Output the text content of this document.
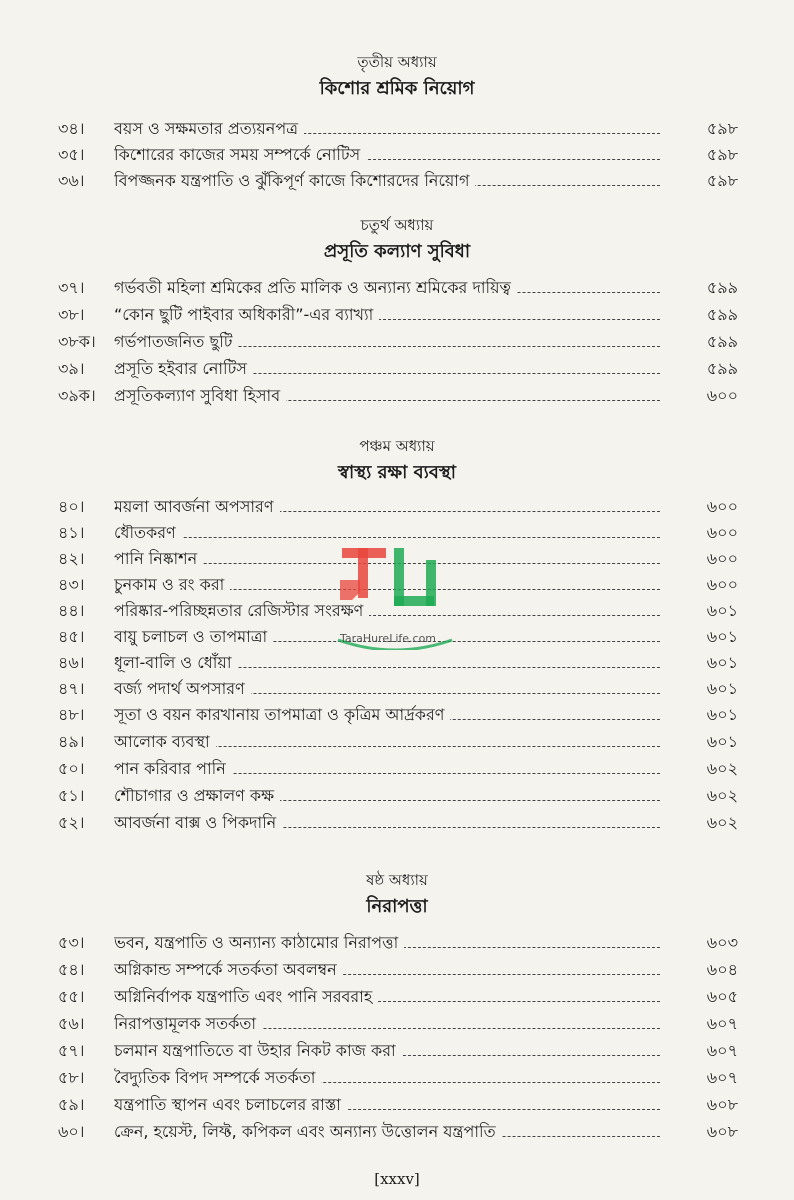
তৃতীয় অধ্যায়
কিশোর শ্রমিক নিয়োগ
৩৪। বয়স ও সক্ষমতার প্রত্যয়নপত্র	৫৯৮
৩৫। কিশোরের কাজের সময় সম্পর্কে নোটিস	৫৯৮
৩৬। বিপজ্জনক যন্ত্রপাতি ও ঝুঁকিপূর্ণ কাজে কিশোরদের নিয়োগ	৫৯৮
চতুর্থ অধ্যায়
প্রসূতি কল্যাণ সুবিধা
৩৭। গর্ভবতী মহিলা শ্রমিকের প্রতি মালিক ও অন্যান্য শ্রমিকের দায়িত্ব	৫৯৯
৩৮। “কোন ছুটি পাইবার অধিকারী”-এর ব্যাখ্যা	৫৯৯
৩৮ক। গর্ভপাতজনিত ছুটি	৫৯৯
৩৯। প্রসূতি হইবার নোটিস	৫৯৯
৩৯ক। প্রসূতিকল্যাণ সুবিধা হিসাব	৬০০
পঞ্চম অধ্যায়
স্বাস্থ্য রক্ষা ব্যবস্থা
৪০। ময়লা আবর্জনা অপসারণ	৬০০
৪১। ধৌতকরণ	৬০০
৪২। পানি নিষ্কাশন	৬০০
৪৩। চুনকাম ও রং করা	৬০০
৪৪। পরিষ্কার-পরিচ্ছন্নতার রেজিস্টার সংরক্ষণ	৬০১
৪৫। বায়ু চলাচল ও তাপমাত্রা	৬০১
৪৬। ধূলা-বালি ও ধোঁয়া	৬০১
৪৭। বর্জ্য পদার্থ অপসারণ	৬০১
৪৮। সূতা ও বয়ন কারখানায় তাপমাত্রা ও কৃত্রিম আর্দ্রকরণ	৬০১
৪৯। আলোক ব্যবস্থা	৬০১
৫০। পান করিবার পানি	৬০২
৫১। শৌচাগার ও প্রক্ষালণ কক্ষ	৬০২
৫২। আবর্জনা বাক্স ও পিকদানি	৬০২
ষষ্ঠ অধ্যায়
নিরাপত্তা
৫৩। ভবন, যন্ত্রপাতি ও অন্যান্য কাঠামোর নিরাপত্তা	৬০৩
৫৪। অগ্নিকান্ড সম্পর্কে সতর্কতা অবলম্বন	৬০৪
৫৫। অগ্নিনির্বাপক যন্ত্রপাতি এবং পানি সরবরাহ	৬০৫
৫৬। নিরাপত্তামূলক সতর্কতা	৬০৭
৫৭। চলমান যন্ত্রপাতিতে বা উহার নিকট কাজ করা	৬০৭
৫৮। বৈদ্যুতিক বিপদ সম্পর্কে সতর্কতা	৬০৭
৫৯। যন্ত্রপাতি স্থাপন এবং চলাচলের রাস্তা	৬০৮
৬০। ক্রেন, হয়েস্ট, লিফ্ট, কপিকল এবং অন্যান্য উত্তোলন যন্ত্রপাতি	৬০৮
TaraHureLife.com
[xxxv]
